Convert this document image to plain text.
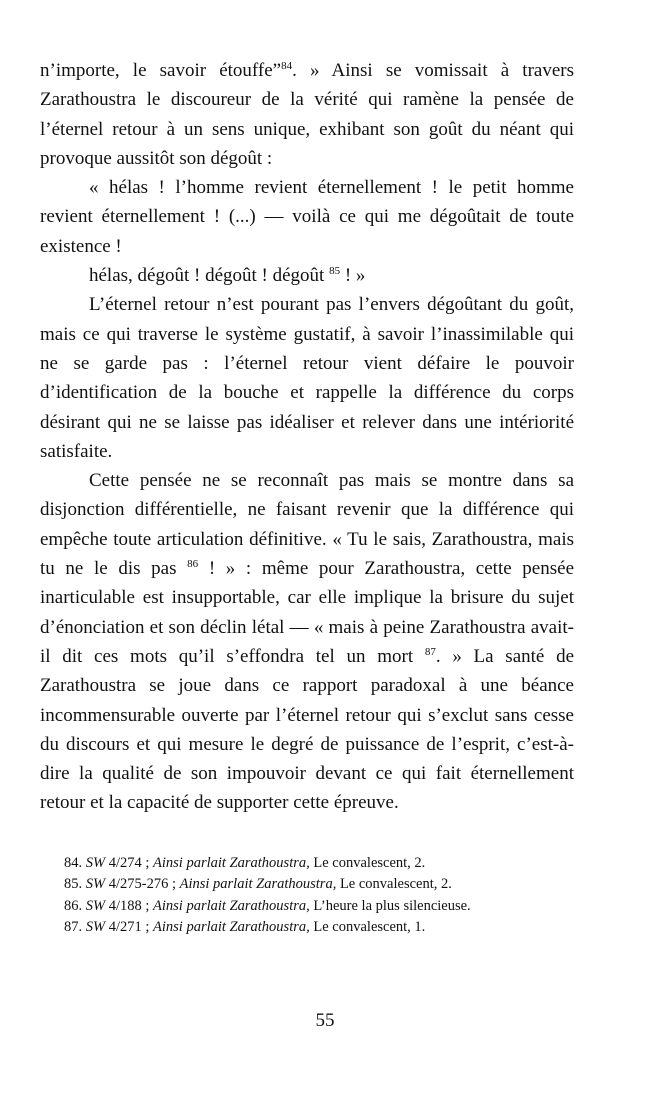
n’importe, le savoir étouffe”$^{84}$. » Ainsi se vomissait à travers Zarathoustra le discoureur de la vérité qui ramène la pensée de l’éternel retour à un sens unique, exhibant son goût du néant qui provoque aussitôt son dégoût :

« hélas ! l’homme revient éternellement ! le petit homme revient éternellement ! (...) — voilà ce qui me dégoûtait de toute existence !

hélas, dégoût ! dégoût ! dégoût $^{85}$ ! »

L’éternel retour n’est pourant pas l’envers dégoûtant du goût, mais ce qui traverse le système gustatif, à savoir l’inassimilable qui ne se garde pas : l’éternel retour vient défaire le pouvoir d’identification de la bouche et rappelle la différence du corps désirant qui ne se laisse pas idéaliser et relever dans une intériorité satisfaite.

Cette pensée ne se reconnaît pas mais se montre dans sa disjonction différentielle, ne faisant revenir que la différence qui empêche toute articulation définitive. « Tu le sais, Zarathoustra, mais tu ne le dis pas $^{86}$ ! » : même pour Zarathoustra, cette pensée inarticulable est insupportable, car elle implique la brisure du sujet d’énonciation et son déclin létal — « mais à peine Zarathoustra avait-il dit ces mots qu’il s’effondra tel un mort $^{87}$. » La santé de Zarathoustra se joue dans ce rapport paradoxal à une béance incommensurable ouverte par l’éternel retour qui s’exclut sans cesse du discours et qui mesure le degré de puissance de l’esprit, c’est-à-dire la qualité de son impouvoir devant ce qui fait éternellement retour et la capacité de supporter cette épreuve.

84. SW 4/274 ; Ainsi parlait Zarathoustra, Le convalescent, 2.

85. SW 4/275-276 ; Ainsi parlait Zarathoustra, Le convalescent, 2.

86. SW 4/188 ; Ainsi parlait Zarathoustra, L’heure la plus silencieuse.

87. SW 4/271 ; Ainsi parlait Zarathoustra, Le convalescent, 1.

55
